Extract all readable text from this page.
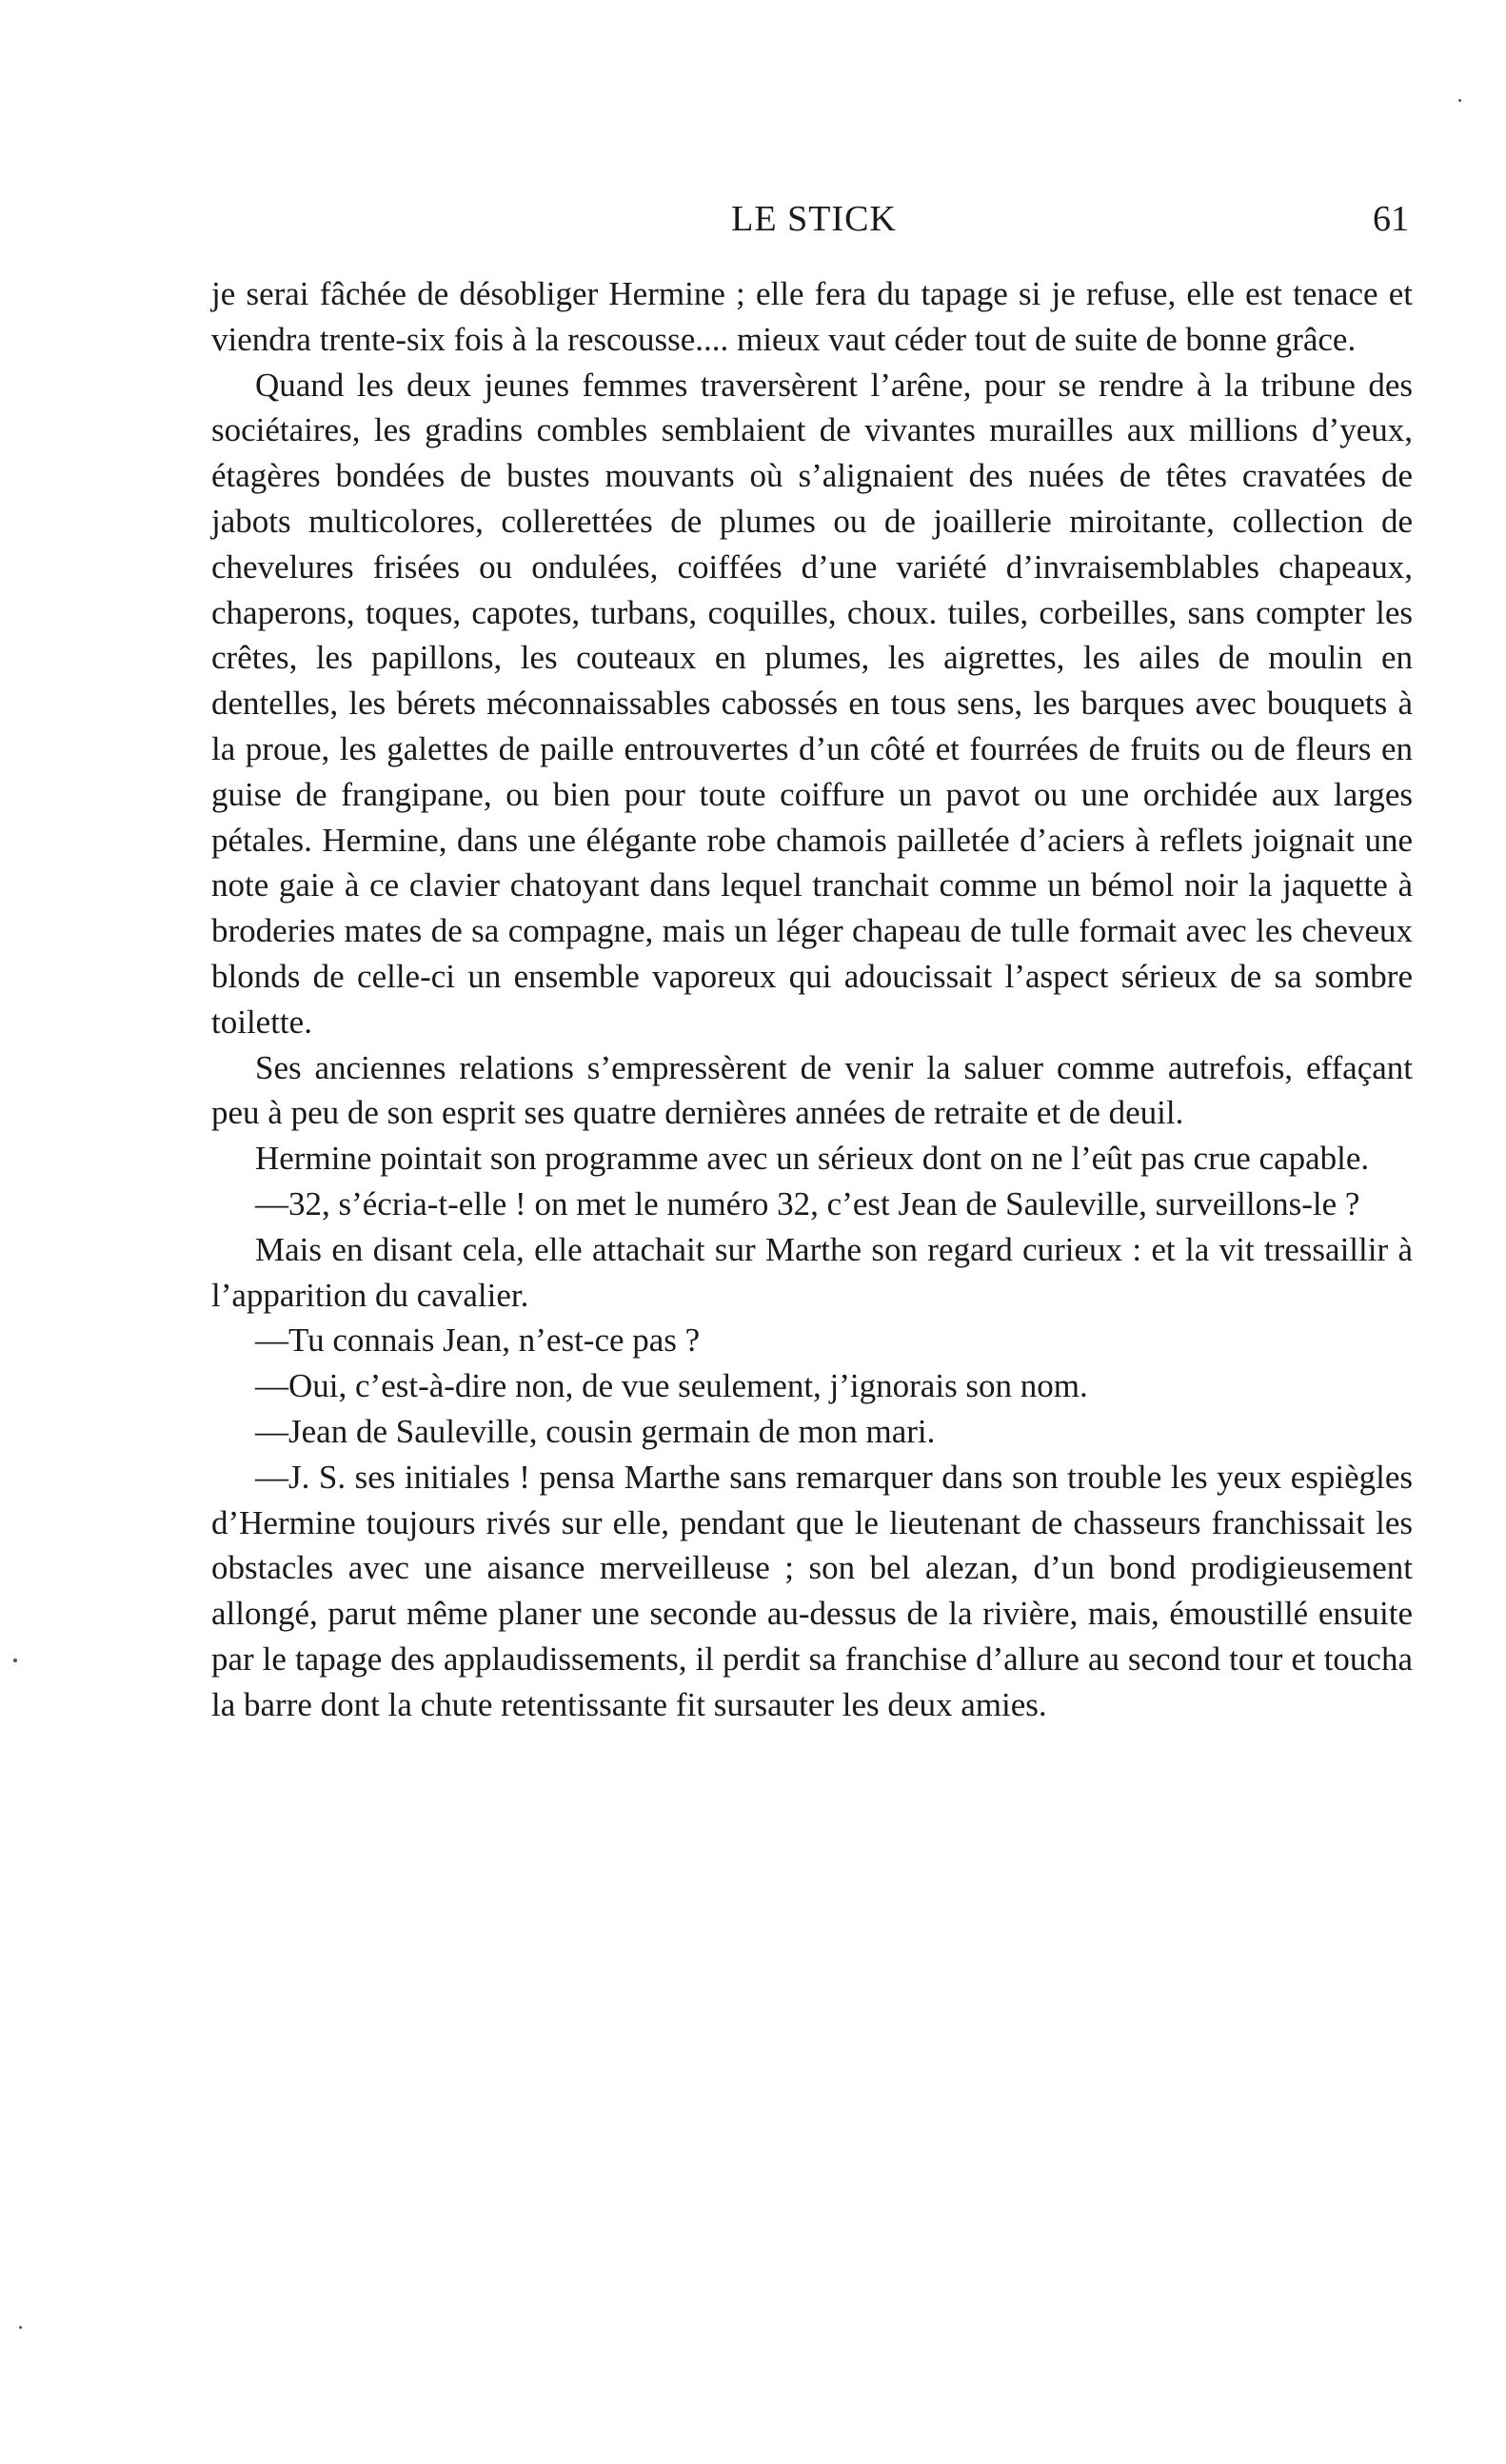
LE STICK	61

je serai fâchée de désobliger Hermine ; elle fera du tapage si je refuse, elle est tenace et viendra trente-six fois à la rescousse.... mieux vaut céder tout de suite de bonne grâce.

Quand les deux jeunes femmes traversèrent l’arêne, pour se rendre à la tribune des sociétaires, les gradins combles semblaient de vivantes murailles aux millions d’yeux, étagères bondées de bustes mouvants où s’alignaient des nuées de têtes cravatées de jabots multicolores, collerettées de plumes ou de joaillerie miroitante, collection de chevelures frisées ou ondulées, coiffées d’une variété d’invraisemblables chapeaux, chaperons, toques, capotes, turbans, coquilles, choux. tuiles, corbeilles, sans compter les crêtes, les papillons, les couteaux en plumes, les aigrettes, les ailes de moulin en dentelles, les bérets méconnaissables cabossés en tous sens, les barques avec bouquets à la proue, les galettes de paille entrouvertes d’un côté et fourrées de fruits ou de fleurs en guise de frangipane, ou bien pour toute coiffure un pavot ou une orchidée aux larges pétales. Hermine, dans une élégante robe chamois pailletée d’aciers à reflets joignait une note gaie à ce clavier chatoyant dans lequel tranchait comme un bémol noir la jaquette à broderies mates de sa compagne, mais un léger chapeau de tulle formait avec les cheveux blonds de celle-ci un ensemble vaporeux qui adoucissait l’aspect sérieux de sa sombre toilette.

Ses anciennes relations s’empressèrent de venir la saluer comme autrefois, effaçant peu à peu de son esprit ses quatre dernières années de retraite et de deuil.

Hermine pointait son programme avec un sérieux dont on ne l’eût pas crue capable.

—32, s’écria-t-elle ! on met le numéro 32, c’est Jean de Sauleville, surveillons-le ?

Mais en disant cela, elle attachait sur Marthe son regard curieux : et la vit tressaillir à l’apparition du cavalier.

—Tu connais Jean, n’est-ce pas ?

—Oui, c’est-à-dire non, de vue seulement, j’ignorais son nom.

—Jean de Sauleville, cousin germain de mon mari.

—J. S. ses initiales ! pensa Marthe sans remarquer dans son trouble les yeux espiègles d’Hermine toujours rivés sur elle, pendant que le lieutenant de chasseurs franchissait les obstacles avec une aisance merveilleuse ; son bel alezan, d’un bond prodigieusement allongé, parut même planer une seconde au-dessus de la rivière, mais, émoustillé ensuite par le tapage des applaudissements, il perdit sa franchise d’allure au second tour et toucha la barre dont la chute retentissante fit sursauter les deux amies.
